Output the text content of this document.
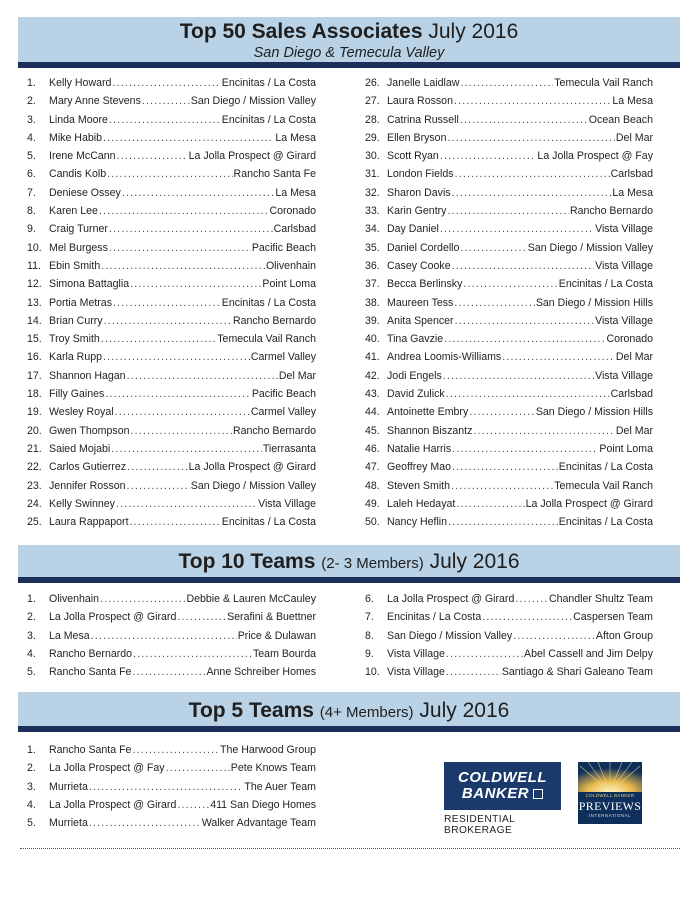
Top 50 Sales Associates July 2016
San Diego & Temecula Valley
1.	Kelly Howard .....	Encinitas / La Costa
2.	Mary Anne Stevens .....	San Diego / Mission Valley
3.	Linda Moore .....	Encinitas / La Costa
4.	Mike Habib .....	La Mesa
5.	Irene McCann .....	La Jolla Prospect @ Girard
6.	Candis Kolb .....	Rancho Santa Fe
7.	Deniese Ossey .....	La Mesa
8.	Karen Lee .....	Coronado
9.	Craig Turner .....	Carlsbad
10. Mel Burgess .....	Pacific Beach
11. Ebin Smith .....	Olivenhain
12. Simona Battaglia .....	Point Loma
13. Portia Metras .....	Encinitas / La Costa
14. Brian Curry .....	Rancho Bernardo
15. Troy Smith .....	Temecula Vail Ranch
16. Karla Rupp .....	Carmel Valley
17. Shannon Hagan .....	Del Mar
18. Filly Gaines .....	Pacific Beach
19. Wesley Royal .....	Carmel Valley
20. Gwen Thompson .....	Rancho Bernardo
21. Saied Mojabi .....	Tierrasanta
22. Carlos Gutierrez .....	La Jolla Prospect @ Girard
23. Jennifer Rosson .....	San Diego / Mission Valley
24. Kelly Swinney .....	Vista Village
25. Laura Rappaport .....	Encinitas / La Costa
26. Janelle Laidlaw .....	Temecula Vail Ranch
27. Laura Rosson .....	La Mesa
28. Catrina Russell .....	Ocean Beach
29. Ellen Bryson .....	Del Mar
30. Scott Ryan .....	La Jolla Prospect @ Fay
31. London Fields .....	Carlsbad
32. Sharon Davis .....	La Mesa
33. Karin Gentry .....	Rancho Bernardo
34. Day Daniel .....	Vista Village
35. Daniel Cordello .....	San Diego / Mission Valley
36. Casey Cooke .....	Vista Village
37. Becca Berlinsky .....	Encinitas / La Costa
38. Maureen Tess .....	San Diego / Mission Hills
39. Anita Spencer .....	Vista Village
40. Tina Gavzie .....	Coronado
41. Andrea Loomis-Williams .....	Del Mar
42. Jodi Engels .....	Vista Village
43. David Zulick .....	Carlsbad
44. Antoinette Embry .....	San Diego / Mission Hills
45. Shannon Biszantz .....	Del Mar
46. Natalie Harris .....	Point Loma
47. Geoffrey Mao .....	Encinitas / La Costa
48. Steven Smith .....	Temecula Vail Ranch
49. Laleh Hedayat .....	La Jolla Prospect @ Girard
50. Nancy Heflin .....	Encinitas / La Costa
Top 10 Teams (2- 3 Members) July 2016
1.	Olivenhain .....	Debbie & Lauren McCauley
2.	La Jolla Prospect @ Girard .....	Serafini & Buettner
3.	La Mesa .....	Price & Dulawan
4.	Rancho Bernardo .....	Team Bourda
5.	Rancho Santa Fe .....	Anne Schreiber Homes
6.	La Jolla Prospect @ Girard .....	Chandler Shultz Team
7.	Encinitas / La Costa .....	Caspersen Team
8.	San Diego / Mission Valley .....	Afton Group
9.	Vista Village .....	Abel Cassell and Jim Delpy
10. Vista Village .....	Santiago & Shari Galeano Team
Top 5 Teams (4+ Members) July 2016
1.	Rancho Santa Fe .....	The Harwood Group
2.	La Jolla Prospect @ Fay .....	Pete Knows Team
3.	Murrieta .....	The Auer Team
4.	La Jolla Prospect @ Girard .....	411 San Diego Homes
5.	Murrieta .....	Walker Advantage Team
COLDWELL
BANKER
RESIDENTIAL BROKERAGE
COLDWELL BANKER
PREVIEWS
INTERNATIONAL
